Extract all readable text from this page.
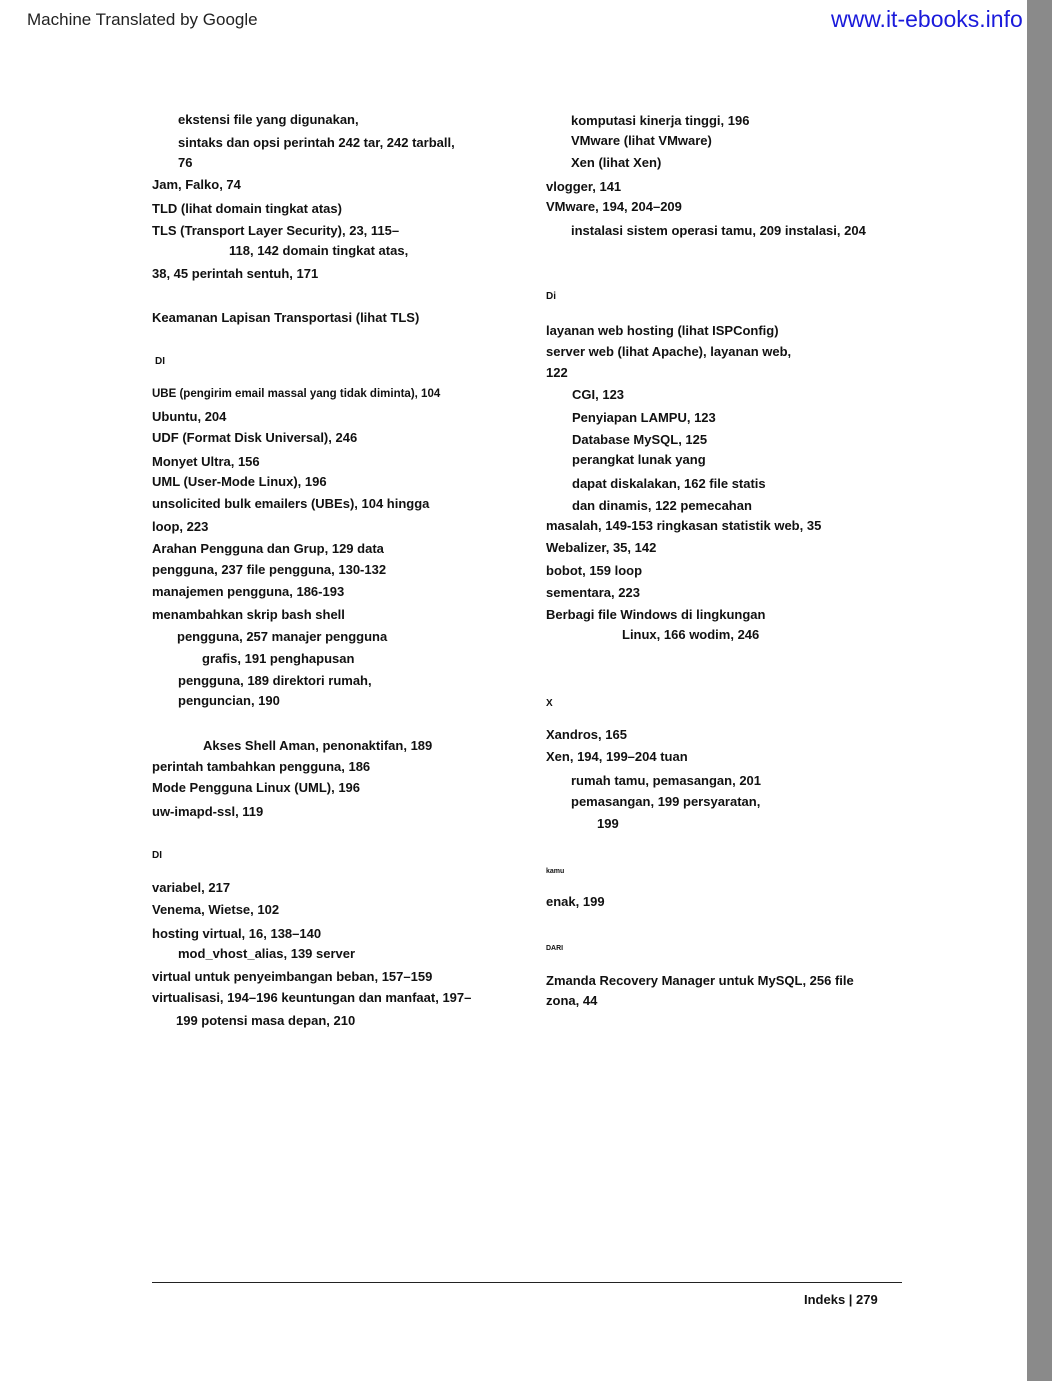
Machine Translated by Google	www.it-ebooks.info
ekstensi file yang digunakan,
sintaks dan opsi perintah 242 tar, 242 tarball,
76
Jam, Falko, 74
TLD (lihat domain tingkat atas)
TLS (Transport Layer Security), 23, 115–
118, 142 domain tingkat atas,
38, 45 perintah sentuh, 171
Keamanan Lapisan Transportasi (lihat TLS)
DI
UBE (pengirim email massal yang tidak diminta), 104
Ubuntu, 204
UDF (Format Disk Universal), 246
Monyet Ultra, 156
UML (User-Mode Linux), 196
unsolicited bulk emailers (UBEs), 104 hingga
loop, 223
Arahan Pengguna dan Grup, 129 data
pengguna, 237 file pengguna, 130-132
manajemen pengguna, 186-193
menambahkan skrip bash shell
pengguna, 257 manajer pengguna
grafis, 191 penghapusan
pengguna, 189 direktori rumah,
penguncian, 190
Akses Shell Aman, penonaktifan, 189
perintah tambahkan pengguna, 186
Mode Pengguna Linux (UML), 196
uw-imapd-ssl, 119
DI
variabel, 217
Venema, Wietse, 102
hosting virtual, 16, 138–140
mod_vhost_alias, 139 server
virtual untuk penyeimbangan beban, 157–159
virtualisasi, 194–196 keuntungan dan manfaat, 197–
199 potensi masa depan, 210
komputasi kinerja tinggi, 196
VMware (lihat VMware)
Xen (lihat Xen)
vlogger, 141
VMware, 194, 204–209
instalasi sistem operasi tamu, 209 instalasi, 204
Di
layanan web hosting (lihat ISPConfig)
server web (lihat Apache), layanan web,
122
CGI, 123
Penyiapan LAMPU, 123
Database MySQL, 125
perangkat lunak yang
dapat diskalakan, 162 file statis
dan dinamis, 122 pemecahan
masalah, 149-153 ringkasan statistik web, 35
Webalizer, 35, 142
bobot, 159 loop
sementara, 223
Berbagi file Windows di lingkungan
Linux, 166 wodim, 246
X
Xandros, 165
Xen, 194, 199–204 tuan
rumah tamu, pemasangan, 201
pemasangan, 199 persyaratan,
199
kamu
enak, 199
DARI
Zmanda Recovery Manager untuk MySQL, 256 file
zona, 44
Indeks | 279
